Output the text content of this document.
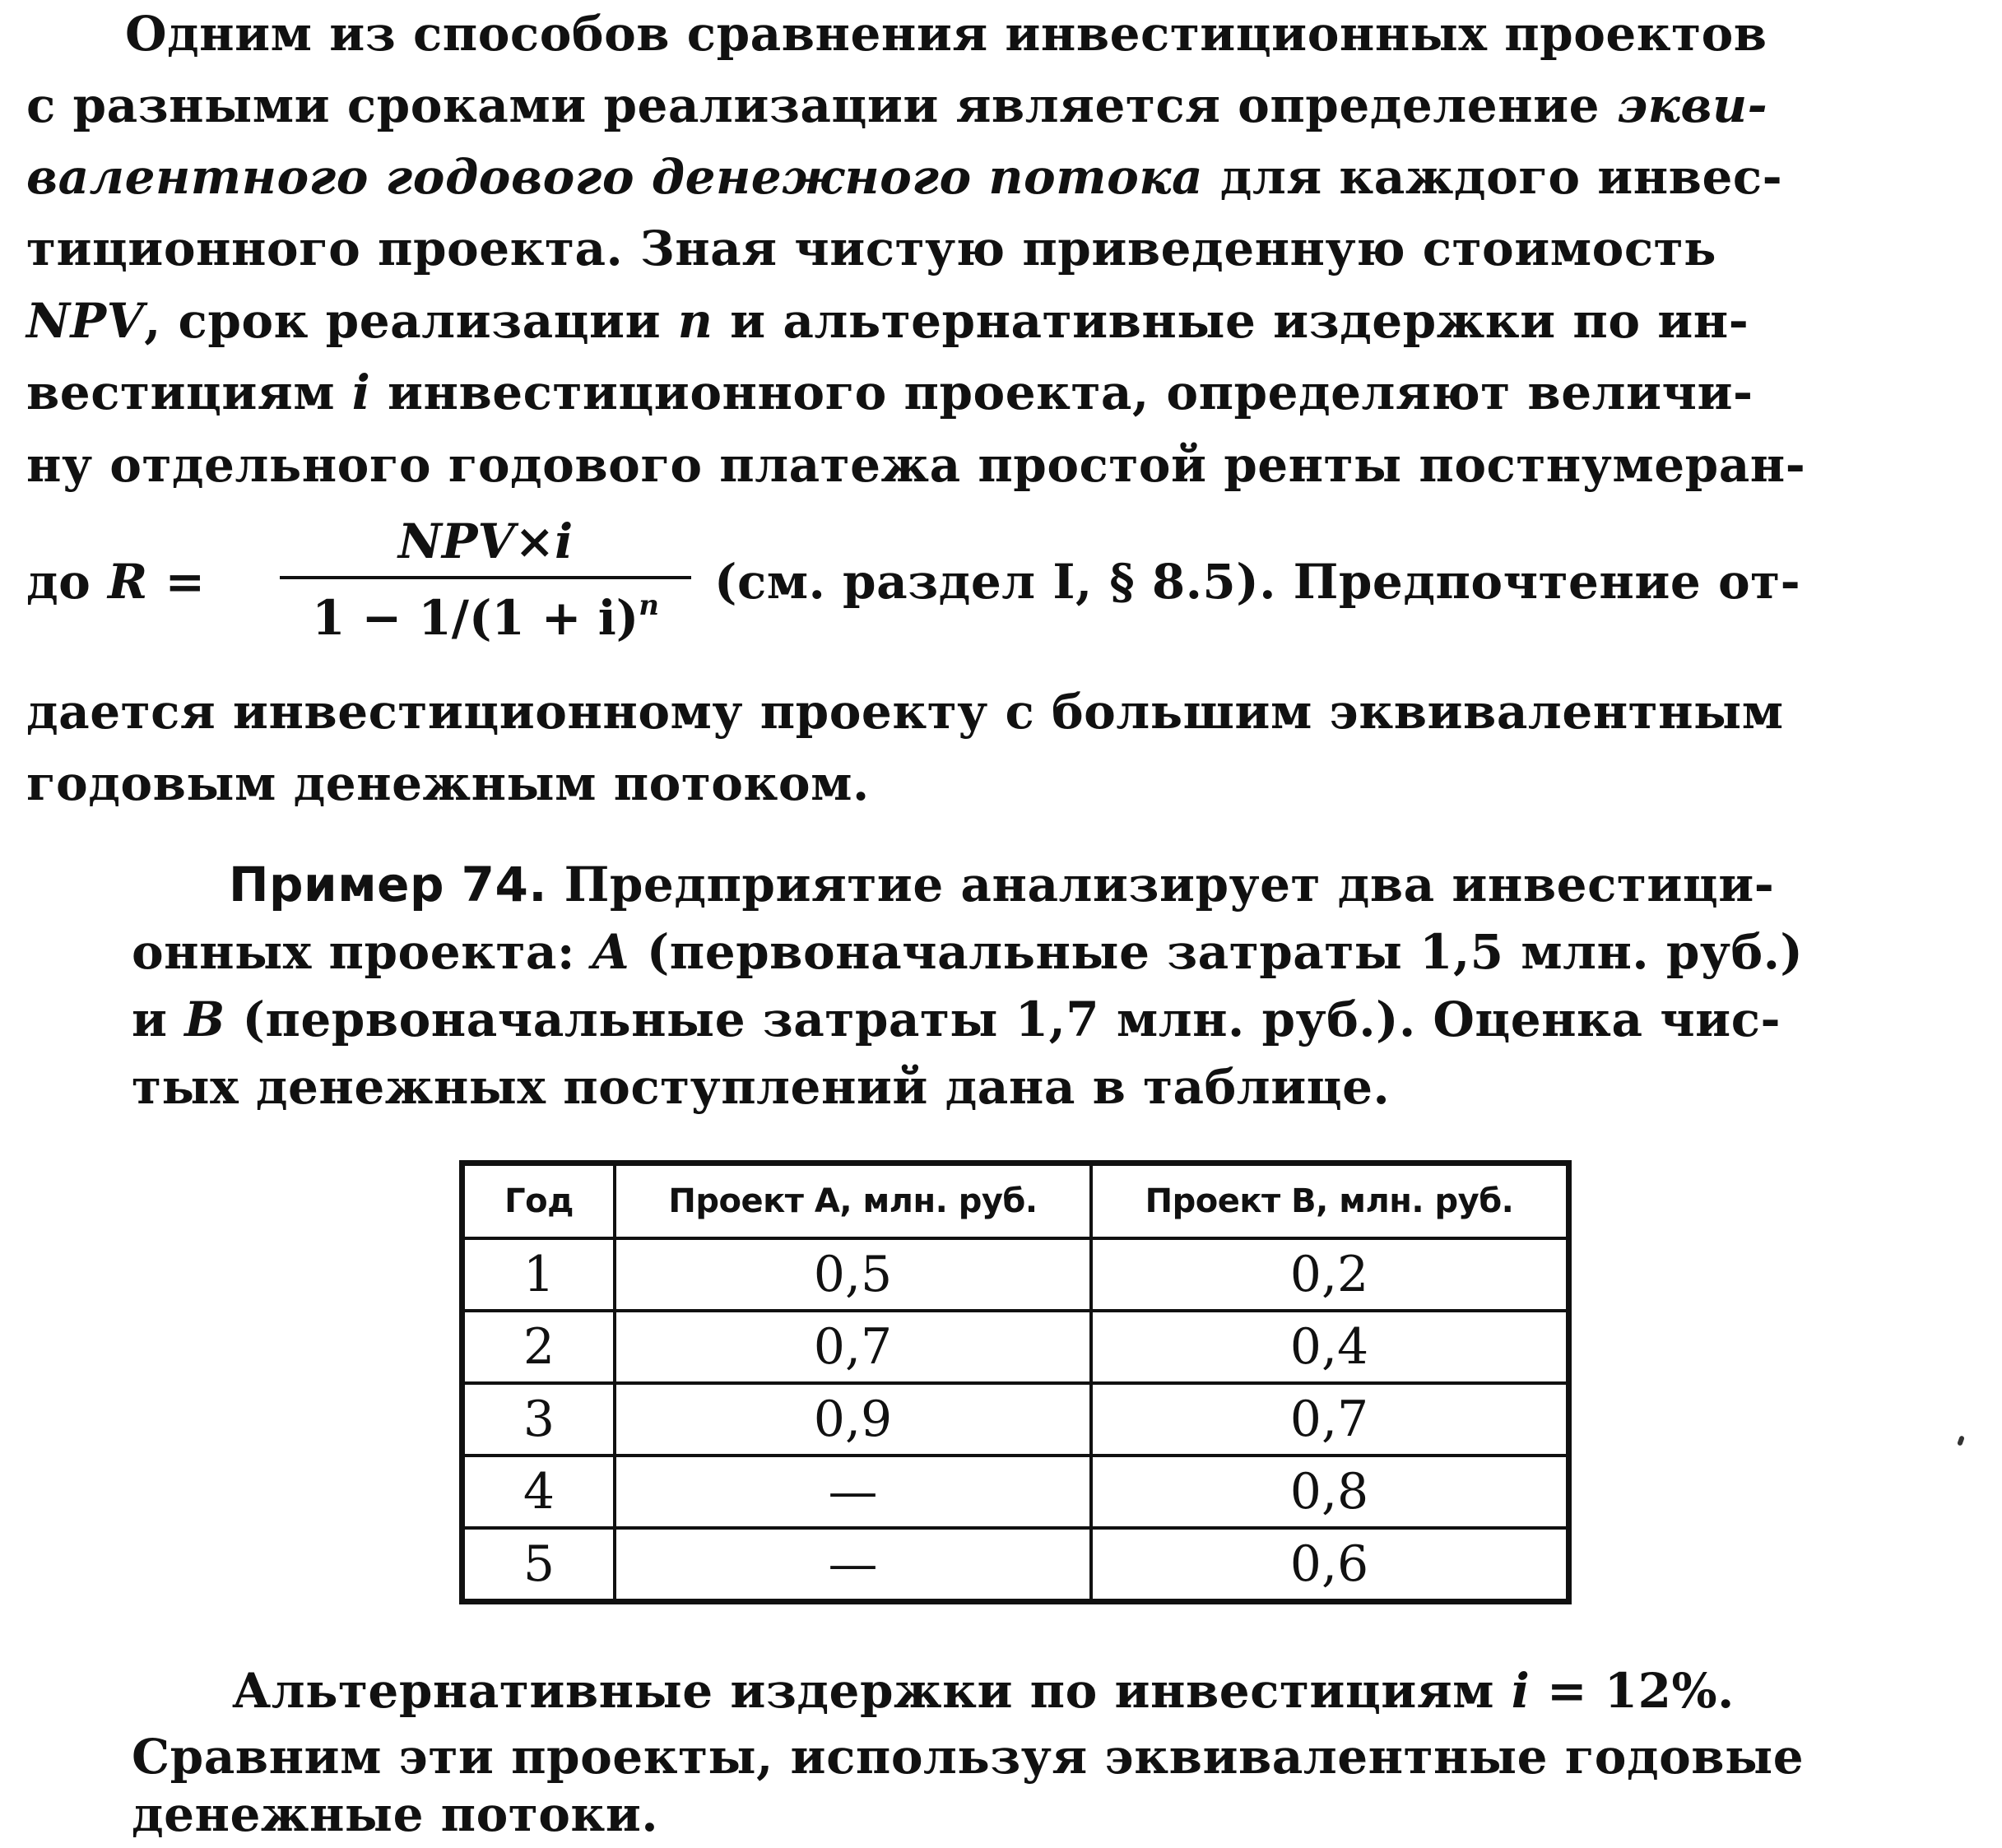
Одним из способов сравнения инвестиционных проектов
с разными сроками реализации является определение экви-
валентного годового денежного потока для каждого инвес-
тиционного проекта. Зная чистую приведенную стоимость
NPV, срок реализации n и альтернативные издержки по ин-
вестициям i инвестиционного проекта, определяют величи-
ну отдельного годового платежа простой ренты постнумеран-
до R =
NPV×i
$1 - 1/(1 + i)^n$	(см. раздел I, § 8.5). Предпочтение от-
дается инвестиционному проекту с большим эквивалентным
годовым денежным потоком.
Пример 74. Предприятие анализирует два инвестици-
онных проекта: A (первоначальные затраты 1,5 млн. руб.)
и B (первоначальные затраты 1,7 млн. руб.). Оценка чис-
тых денежных поступлений дана в таблице.
Год	Проект А, млн. руб.	Проект В, млн. руб.
1	0,5	0,2
2	0,7	0,4
3	0,9	0,7
4	—	0,8
5	—	0,6
Альтернативные издержки по инвестициям i = 12%.
Сравним эти проекты, используя эквивалентные годовые
денежные потоки.
